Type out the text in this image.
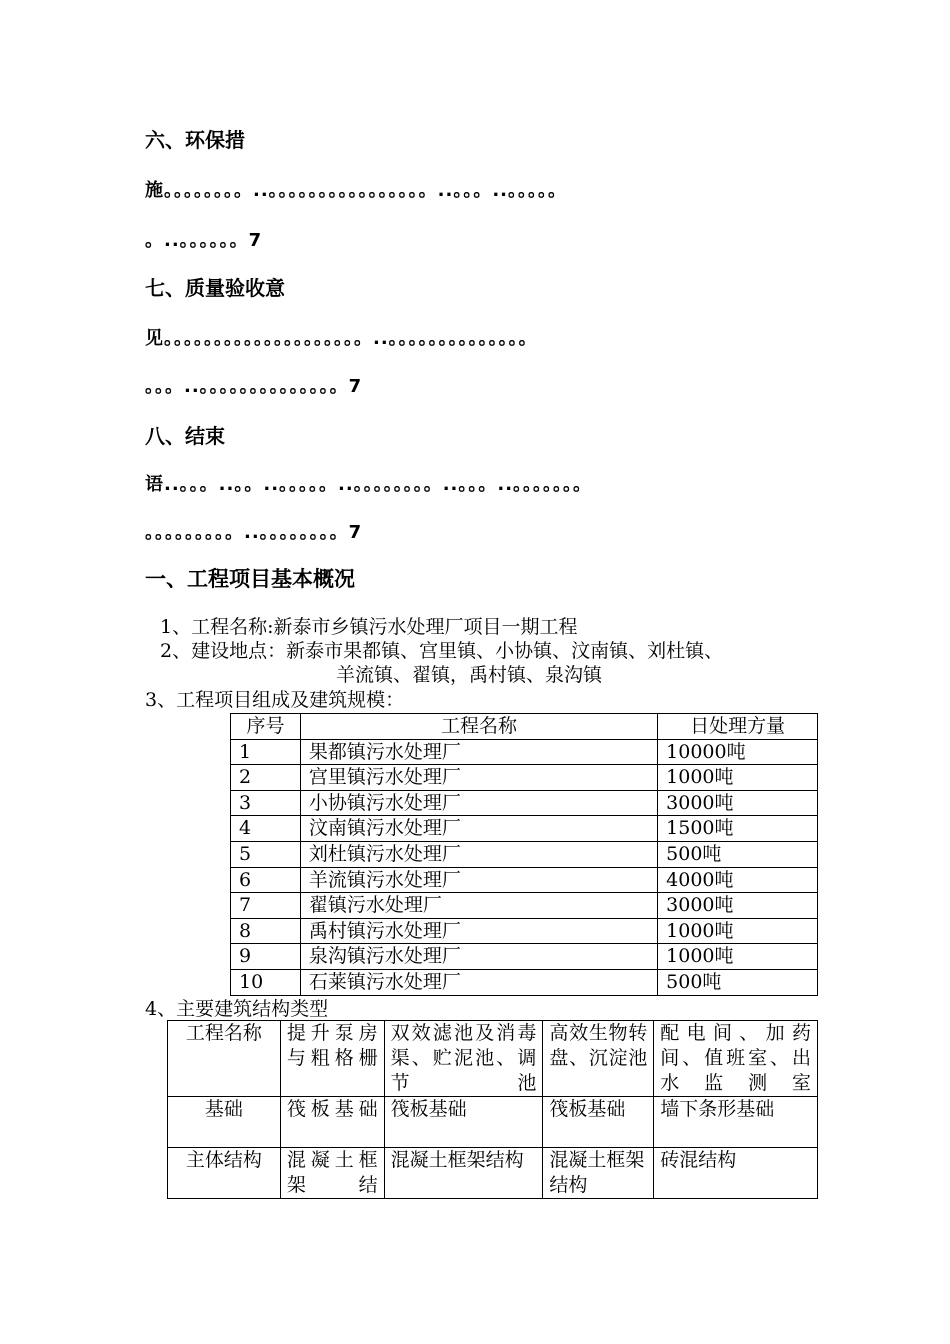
六、环保措
施。。。。。。。。..。。。。。。。。。。。。。。。。..。。。..。。。。。
。..。。。。。。7
七、质量验收意
见。。。。。。。。。。。。。。。。。。。。..。。。。。。。。。。。。。。
。。。..。。。。。。。。。。。。。。7
八、结束
语..。。。..。。..。。。。。..。。。。。。。。..。。。..。。。。。。。
。。。。。。。。。..。。。。。。。。7
一、工程项目基本概况
1、工程名称:新泰市乡镇污水处理厂项目一期工程
2、建设地点：新泰市果都镇、宫里镇、小协镇、汶南镇、刘杜镇、
羊流镇、翟镇，禹村镇、泉沟镇
3、工程项目组成及建筑规模：
序号	工程名称	日处理方量
1	果都镇污水处理厂	10000吨
2	宫里镇污水处理厂	1000吨
3	小协镇污水处理厂	3000吨
4	汶南镇污水处理厂	1500吨
5	刘杜镇污水处理厂	500吨
6	羊流镇污水处理厂	4000吨
7	翟镇污水处理厂	3000吨
8	禹村镇污水处理厂	1000吨
9	泉沟镇污水处理厂	1000吨
10	石莱镇污水处理厂	500吨
4、主要建筑结构类型
工程名称	提升泵房与粗格栅	双效滤池及消毒渠、贮泥池、调节池	高效生物转盘、沉淀池	配电间、加药间、值班室、出水监测室
基础	筏板基础	筏板基础	筏板基础	墙下条形基础
主体结构	混凝土框架结	混凝土框架结构	混凝土框架结构	砖混结构
